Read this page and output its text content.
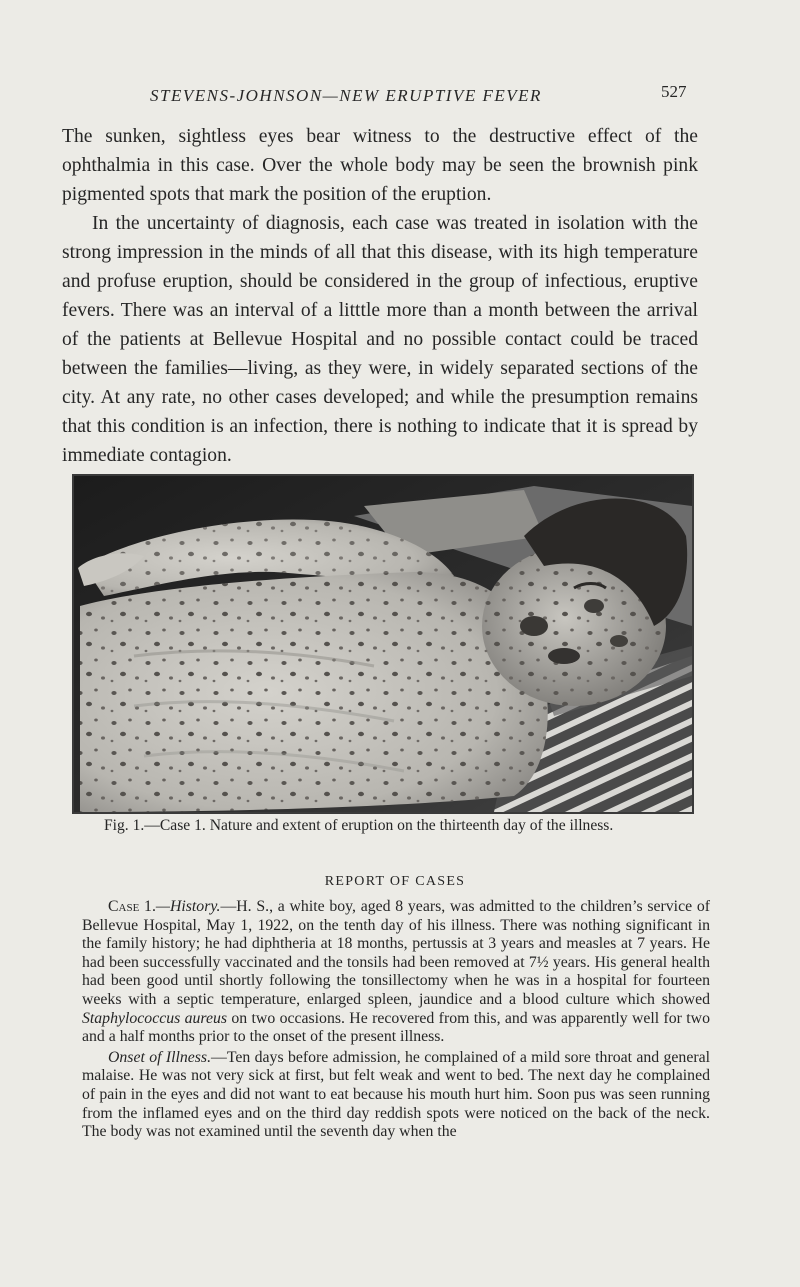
STEVENS-JOHNSON—NEW ERUPTIVE FEVER	527

The sunken, sightless eyes bear witness to the destructive effect of the ophthalmia in this case. Over the whole body may be seen the brownish pink pigmented spots that mark the position of the eruption.

In the uncertainty of diagnosis, each case was treated in isolation with the strong impression in the minds of all that this disease, with its high temperature and profuse eruption, should be considered in the group of infectious, eruptive fevers. There was an interval of a litttle more than a month between the arrival of the patients at Bellevue Hospital and no possible contact could be traced between the families—living, as they were, in widely separated sections of the city. At any rate, no other cases developed; and while the presumption remains that this condition is an infection, there is nothing to indicate that it is spread by immediate contagion.

Fig. 1.—Case 1. Nature and extent of eruption on the thirteenth day of the illness.
REPORT OF CASES

Case 1.—History.—H. S., a white boy, aged 8 years, was admitted to the children’s service of Bellevue Hospital, May 1, 1922, on the tenth day of his illness. There was nothing significant in the family history; he had diphtheria at 18 months, pertussis at 3 years and measles at 7 years. He had been successfully vaccinated and the tonsils had been removed at 7½ years. His general health had been good until shortly following the tonsillectomy when he was in a hospital for fourteen weeks with a septic temperature, enlarged spleen, jaundice and a blood culture which showed Staphylococcus aureus on two occasions. He recovered from this, and was apparently well for two and a half months prior to the onset of the present illness.

Onset of Illness.—Ten days before admission, he complained of a mild sore throat and general malaise. He was not very sick at first, but felt weak and went to bed. The next day he complained of pain in the eyes and did not want to eat because his mouth hurt him. Soon pus was seen running from the inflamed eyes and on the third day reddish spots were noticed on the back of the neck. The body was not examined until the seventh day when the
